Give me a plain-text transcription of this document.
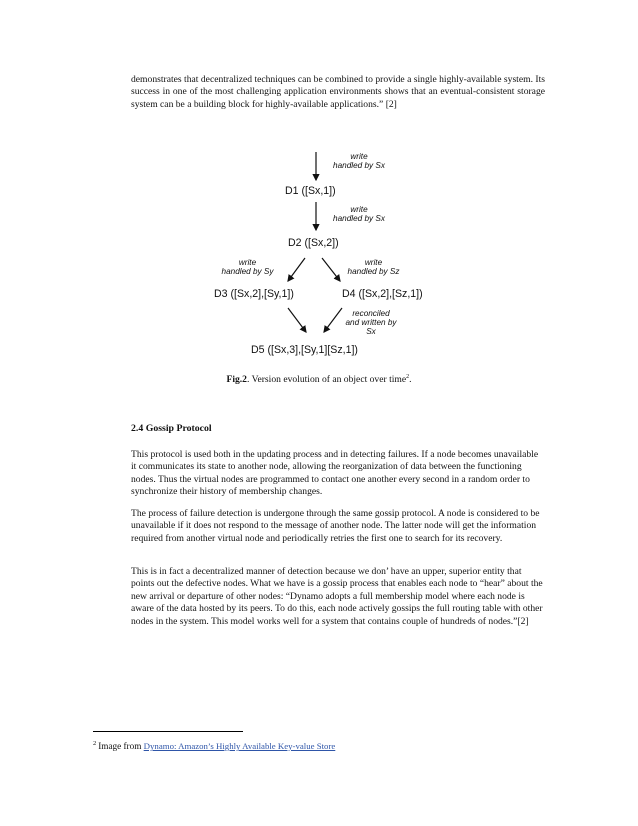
demonstrates that decentralized techniques can be combined to provide a single highly-available system. Its success in one of the most challenging application environments shows that an eventual-consistent storage system can be a building block for highly-available applications.” [2]
write
handled by Sx
D1 ([Sx,1])
write
handled by Sx
D2 ([Sx,2])
write
handled by Sy
write
handled by Sz
D3 ([Sx,2],[Sy,1])	D4 ([Sx,2],[Sz,1])
reconciled
and written by
Sx
D5 ([Sx,3],[Sy,1][Sz,1])
Fig.2. Version evolution of an object over time$^2$.
2.4 Gossip Protocol
This protocol is used both in the updating process and in detecting failures. If a node becomes unavailable it communicates its state to another node, allowing the reorganization of data between the functioning nodes. Thus the virtual nodes are programmed to contact one another every second in a random order to synchronize their history of membership changes.
The process of failure detection is undergone through the same gossip protocol. A node is considered to be unavailable if it does not respond to the message of another node. The latter node will get the information required from another virtual node and periodically retries the first one to search for its recovery.
This is in fact a decentralized manner of detection because we don’ have an upper, superior entity that points out the defective nodes. What we have is a gossip process that enables each node to “hear” about the new arrival or departure of other nodes: “Dynamo adopts a full membership model where each node is aware of the data hosted by its peers. To do this, each node actively gossips the full routing table with other nodes in the system. This model works well for a system that contains couple of hundreds of nodes.”[2]
$^2$ Image from Dynamo: Amazon’s Highly Available Key-value Store
